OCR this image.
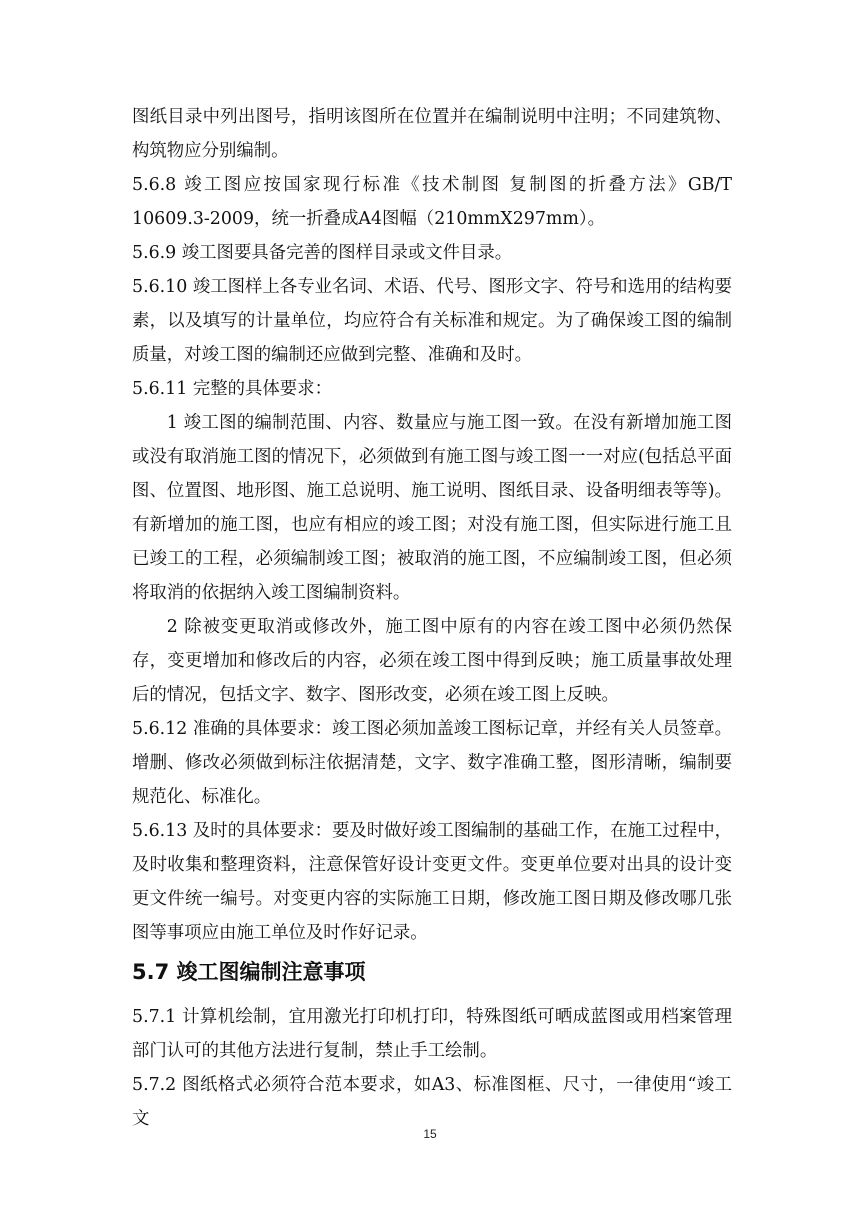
图纸目录中列出图号，指明该图所在位置并在编制说明中注明；不同建筑物、构筑物应分别编制。

5.6.8 竣工图应按国家现行标准《技术制图 复制图的折叠方法》GB/T 10609.3-2009，统一折叠成A4图幅（210mmX297mm）。

5.6.9 竣工图要具备完善的图样目录或文件目录。

5.6.10 竣工图样上各专业名词、术语、代号、图形文字、符号和选用的结构要素，以及填写的计量单位，均应符合有关标准和规定。为了确保竣工图的编制质量，对竣工图的编制还应做到完整、准确和及时。

5.6.11 完整的具体要求：

1 竣工图的编制范围、内容、数量应与施工图一致。在没有新增加施工图或没有取消施工图的情况下，必须做到有施工图与竣工图一一对应(包括总平面图、位置图、地形图、施工总说明、施工说明、图纸目录、设备明细表等等)。有新增加的施工图，也应有相应的竣工图；对没有施工图，但实际进行施工且已竣工的工程，必须编制竣工图；被取消的施工图，不应编制竣工图，但必须将取消的依据纳入竣工图编制资料。

2 除被变更取消或修改外，施工图中原有的内容在竣工图中必须仍然保存，变更增加和修改后的内容，必须在竣工图中得到反映；施工质量事故处理后的情况，包括文字、数字、图形改变，必须在竣工图上反映。

5.6.12 准确的具体要求：竣工图必须加盖竣工图标记章，并经有关人员签章。增删、修改必须做到标注依据清楚，文字、数字准确工整，图形清晰，编制要规范化、标准化。

5.6.13 及时的具体要求：要及时做好竣工图编制的基础工作，在施工过程中，及时收集和整理资料，注意保管好设计变更文件。变更单位要对出具的设计变更文件统一编号。对变更内容的实际施工日期，修改施工图日期及修改哪几张图等事项应由施工单位及时作好记录。

5.7 竣工图编制注意事项

5.7.1 计算机绘制，宜用激光打印机打印，特殊图纸可晒成蓝图或用档案管理部门认可的其他方法进行复制，禁止手工绘制。

5.7.2 图纸格式必须符合范本要求，如A3、标准图框、尺寸，一律使用“竣工文

15
